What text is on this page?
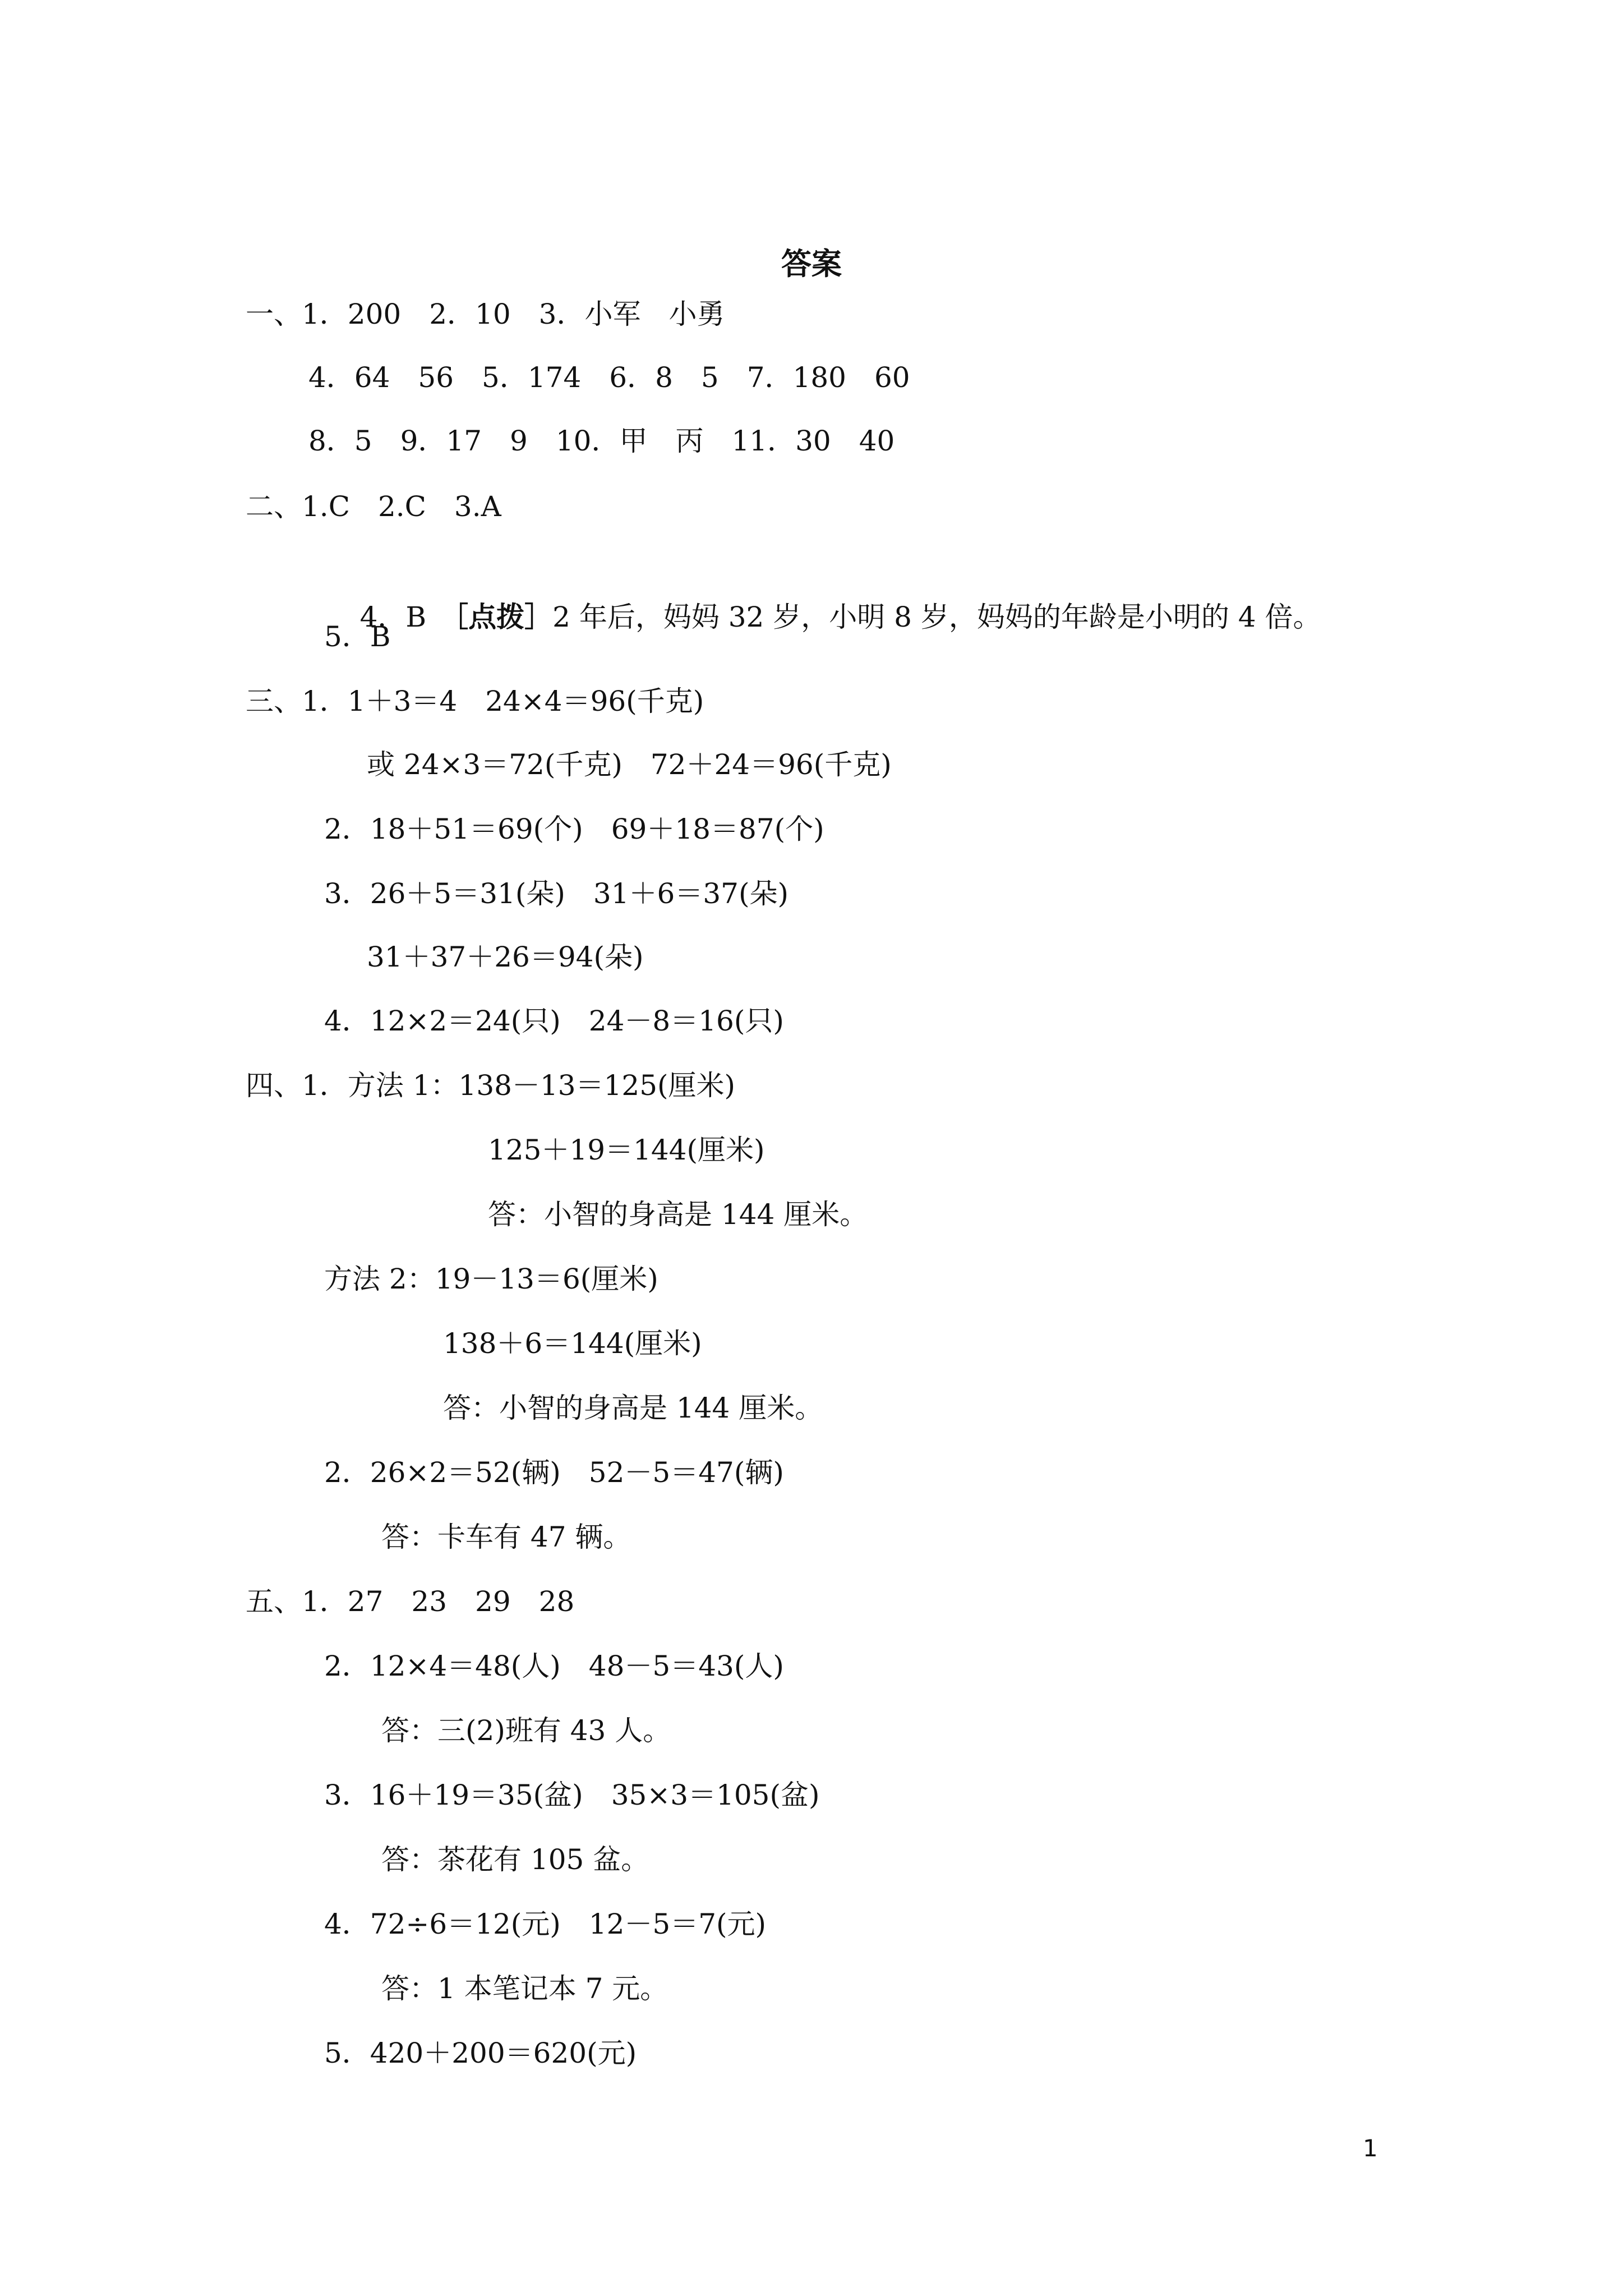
答案
一、1．200　2．10　3．小军　小勇
4．64　56　5．174　6．8　5　7．180　60
8．5　9．17　9　10．甲　丙　11．30　40
二、1.C　2.C　3.A

4．B　［点拨］2 年后，妈妈 32 岁，小明 8 岁，妈妈的年龄是小明的 4 倍。

5．B
三、1．1＋3＝4　24×4＝96(千克)
或 24×3＝72(千克)　72＋24＝96(千克)
2．18＋51＝69(个)　69＋18＝87(个)
3．26＋5＝31(朵)　31＋6＝37(朵)
31＋37＋26＝94(朵)
4．12×2＝24(只)　24－8＝16(只)
四、1．方法 1：138－13＝125(厘米)
125＋19＝144(厘米)
答：小智的身高是 144 厘米。
方法 2：19－13＝6(厘米)
138＋6＝144(厘米)
答：小智的身高是 144 厘米。
2．26×2＝52(辆)　52－5＝47(辆)
答：卡车有 47 辆。
五、1．27　23　29　28
2．12×4＝48(人)　48－5＝43(人)
答：三(2)班有 43 人。
3．16＋19＝35(盆)　35×3＝105(盆)
答：茶花有 105 盆。
4．72÷6＝12(元)　12－5＝7(元)
答：1 本笔记本 7 元。
5．420＋200＝620(元)
1
